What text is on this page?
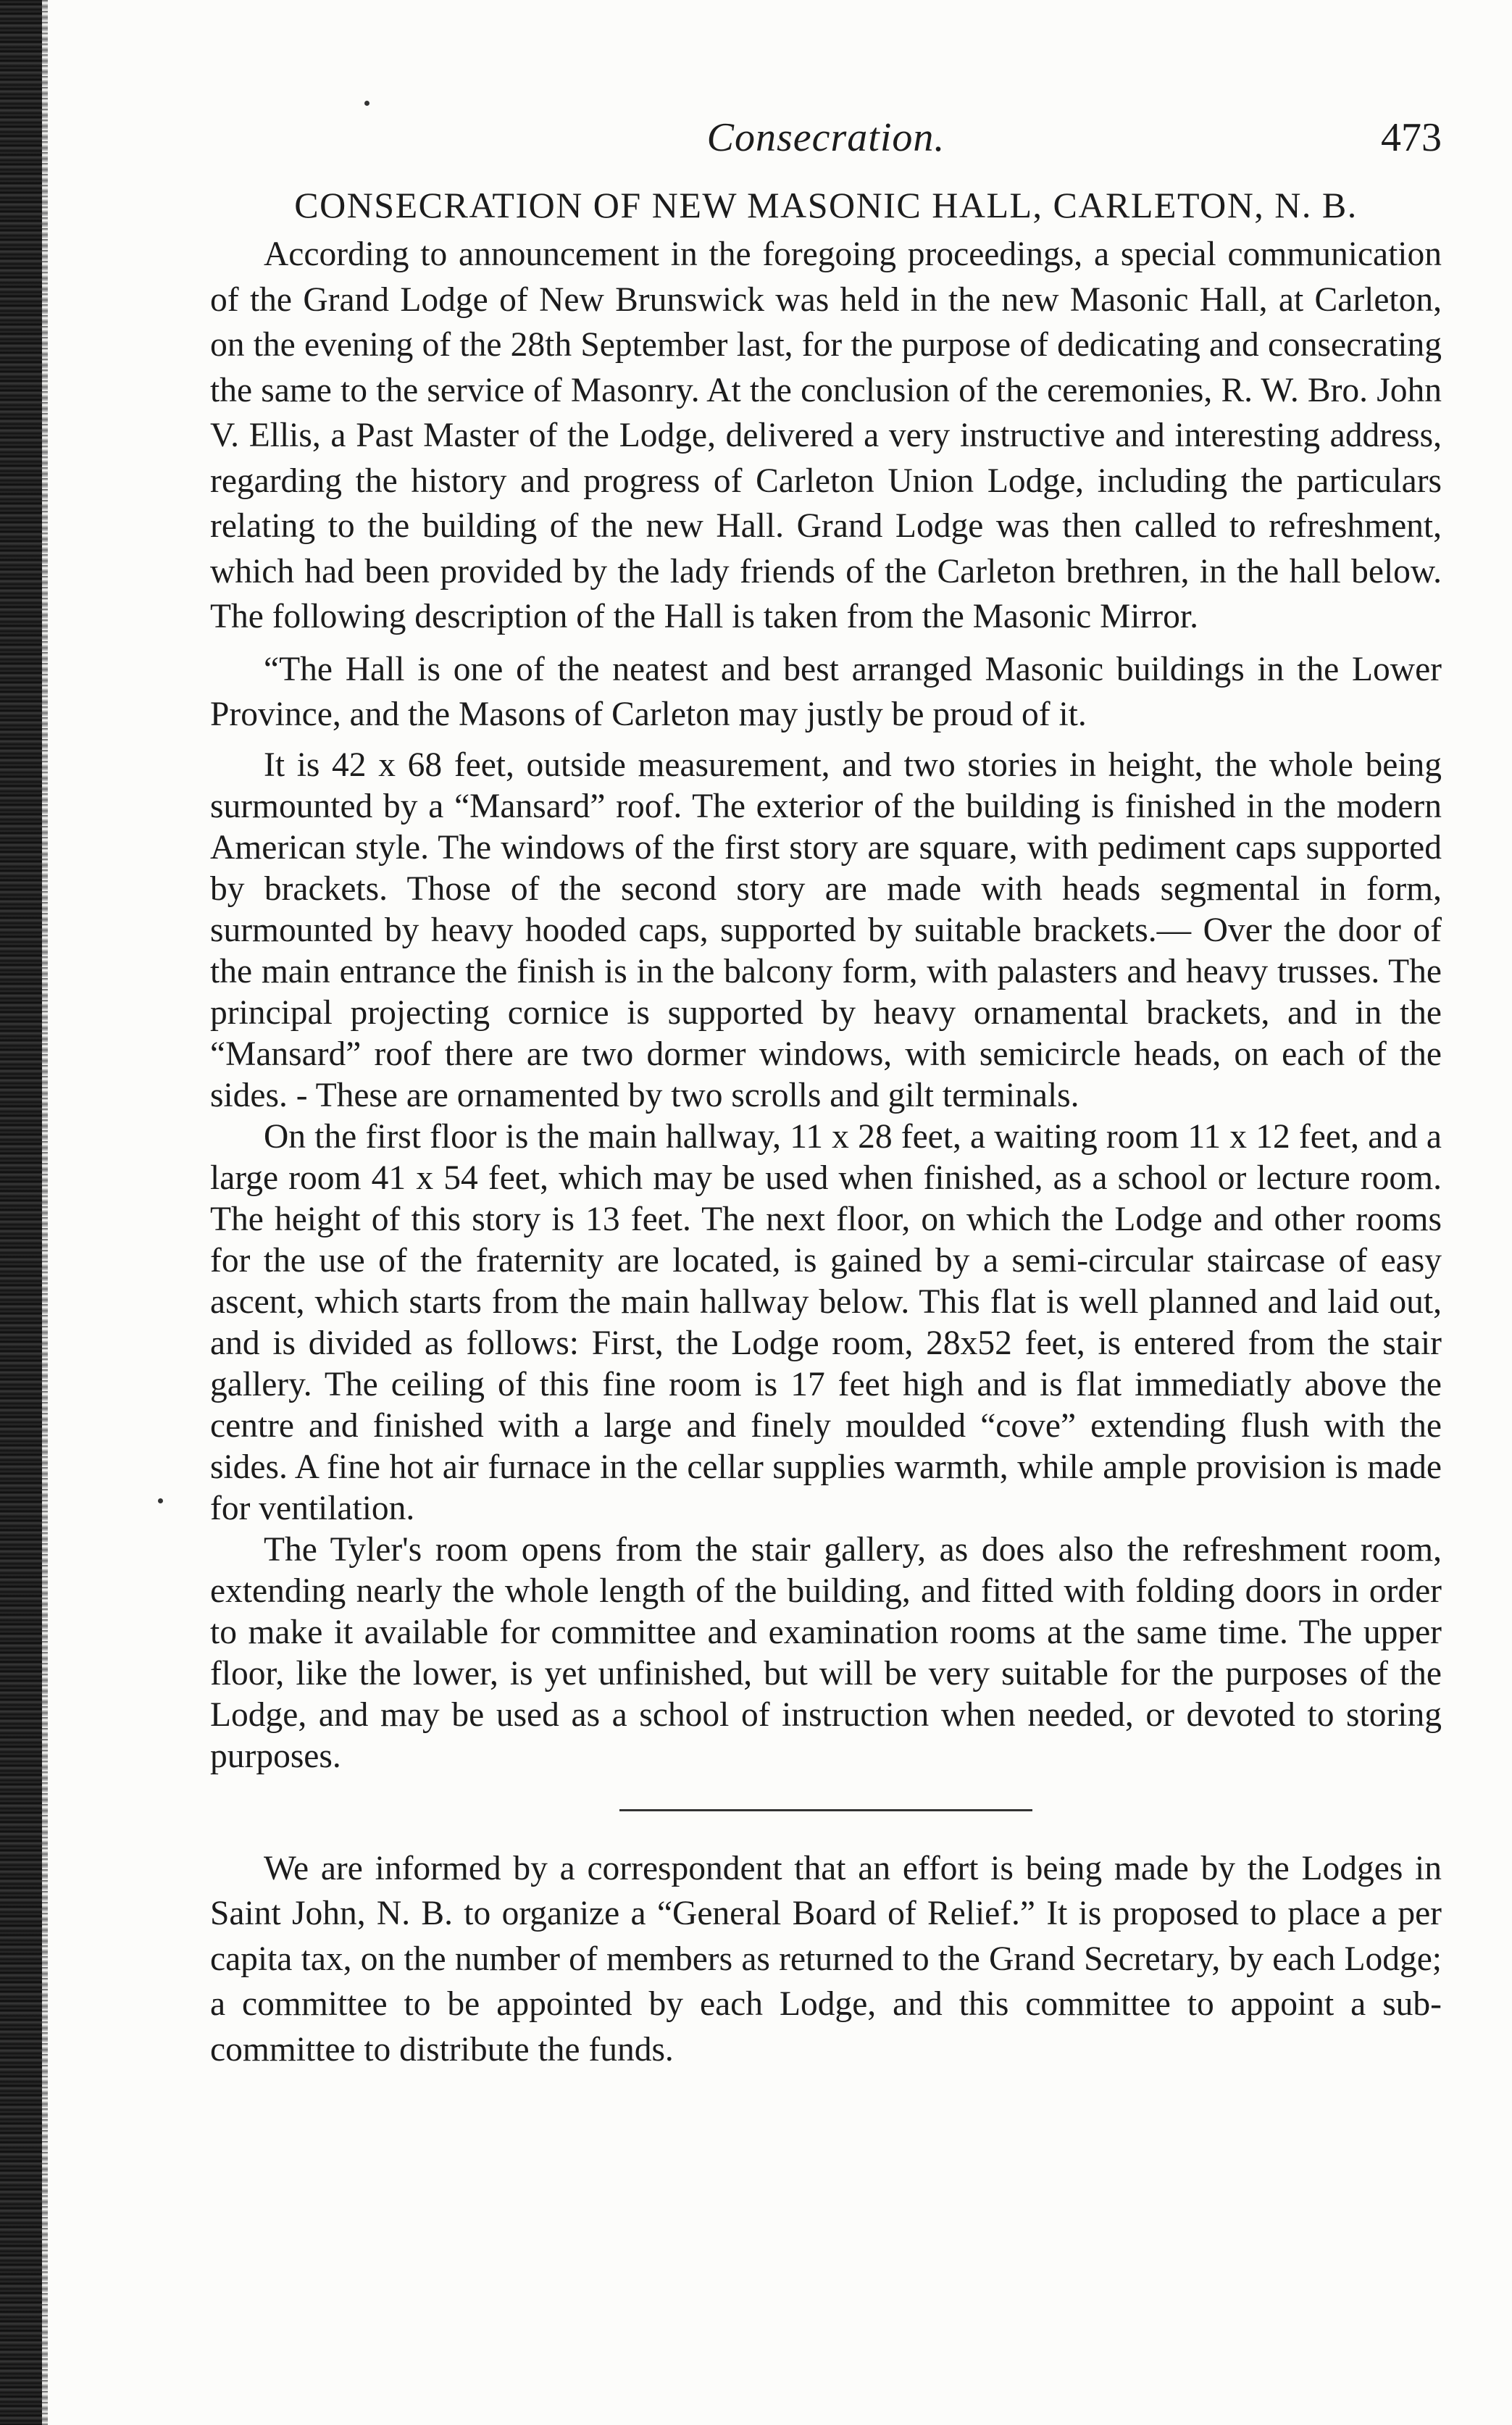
Consecration.	473
CONSECRATION OF NEW MASONIC HALL, CARLETON, N. B.

According to announcement in the foregoing proceedings, a special communication of the Grand Lodge of New Brunswick was held in the new Masonic Hall, at Carleton, on the evening of the 28th September last, for the purpose of dedicating and consecrating the same to the service of Masonry. At the conclusion of the ceremonies, R. W. Bro. John V. Ellis, a Past Master of the Lodge, delivered a very instructive and interesting address, regarding the history and progress of Carleton Union Lodge, including the particulars relating to the building of the new Hall. Grand Lodge was then called to refreshment, which had been provided by the lady friends of the Carleton brethren, in the hall below. The following description of the Hall is taken from the Masonic Mirror.

“The Hall is one of the neatest and best arranged Masonic buildings in the Lower Province, and the Masons of Carleton may justly be proud of it.

It is 42 x 68 feet, outside measurement, and two stories in height, the whole being surmounted by a “Mansard” roof. The exterior of the building is finished in the modern American style. The windows of the first story are square, with pediment caps supported by brackets. Those of the second story are made with heads segmental in form, surmounted by heavy hooded caps, supported by suitable brackets.— Over the door of the main entrance the finish is in the balcony form, with palasters and heavy trusses. The principal projecting cornice is supported by heavy ornamental brackets, and in the “Mansard” roof there are two dormer windows, with semicircle heads, on each of the sides. - These are ornamented by two scrolls and gilt terminals.

On the first floor is the main hallway, 11 x 28 feet, a waiting room 11 x 12 feet, and a large room 41 x 54 feet, which may be used when finished, as a school or lecture room. The height of this story is 13 feet. The next floor, on which the Lodge and other rooms for the use of the fraternity are located, is gained by a semi-circular staircase of easy ascent, which starts from the main hallway below. This flat is well planned and laid out, and is divided as follows: First, the Lodge room, 28x52 feet, is entered from the stair gallery. The ceiling of this fine room is 17 feet high and is flat immediatly above the centre and finished with a large and finely moulded “cove” extending flush with the sides. A fine hot air furnace in the cellar supplies warmth, while ample provision is made for ventilation.

The Tyler's room opens from the stair gallery, as does also the refreshment room, extending nearly the whole length of the building, and fitted with folding doors in order to make it available for committee and examination rooms at the same time. The upper floor, like the lower, is yet unfinished, but will be very suitable for the purposes of the Lodge, and may be used as a school of instruction when needed, or devoted to storing purposes.

We are informed by a correspondent that an effort is being made by the Lodges in Saint John, N. B. to organize a “General Board of Relief.” It is proposed to place a per capita tax, on the number of members as returned to the Grand Secretary, by each Lodge; a committee to be appointed by each Lodge, and this committee to appoint a sub-committee to distribute the funds.
